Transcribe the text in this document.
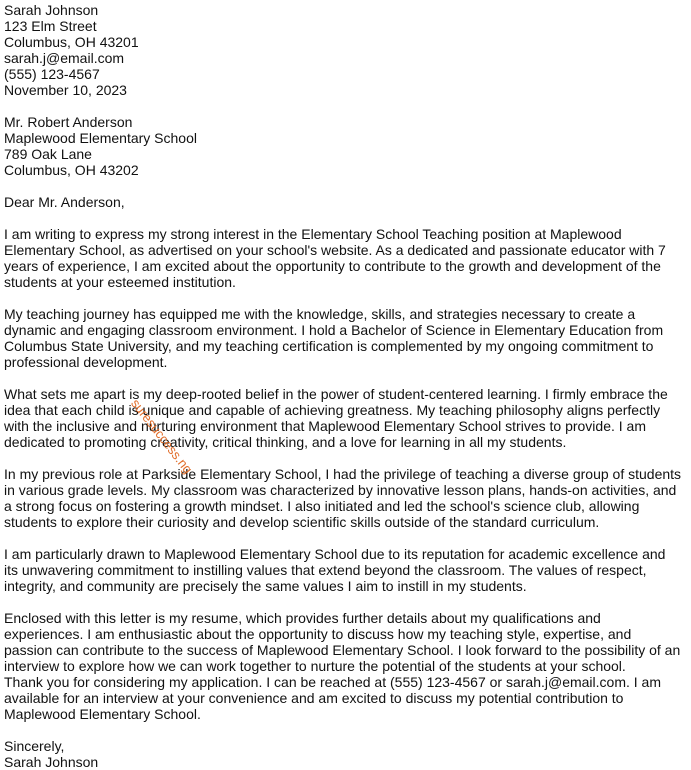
Sarah Johnson
123 Elm Street
Columbus, OH 43201
sarah.j@email.com
(555) 123-4567
November 10, 2023
Mr. Robert Anderson
Maplewood Elementary School
789 Oak Lane
Columbus, OH 43202
Dear Mr. Anderson,
I am writing to express my strong interest in the Elementary School Teaching position at Maplewood
Elementary School, as advertised on your school's website. As a dedicated and passionate educator with 7
years of experience, I am excited about the opportunity to contribute to the growth and development of the
students at your esteemed institution.
My teaching journey has equipped me with the knowledge, skills, and strategies necessary to create a
dynamic and engaging classroom environment. I hold a Bachelor of Science in Elementary Education from
Columbus State University, and my teaching certification is complemented by my ongoing commitment to
professional development.
What sets me apart is my deep-rooted belief in the power of student-centered learning. I firmly embrace the
idea that each child is unique and capable of achieving greatness. My teaching philosophy aligns perfectly
with the inclusive and nurturing environment that Maplewood Elementary School strives to provide. I am
dedicated to promoting creativity, critical thinking, and a love for learning in all my students.
In my previous role at Parkside Elementary School, I had the privilege of teaching a diverse group of students
in various grade levels. My classroom was characterized by innovative lesson plans, hands-on activities, and
a strong focus on fostering a growth mindset. I also initiated and led the school's science club, allowing
students to explore their curiosity and develop scientific skills outside of the standard curriculum.
I am particularly drawn to Maplewood Elementary School due to its reputation for academic excellence and
its unwavering commitment to instilling values that extend beyond the classroom. The values of respect,
integrity, and community are precisely the same values I aim to instill in my students.
Enclosed with this letter is my resume, which provides further details about my qualifications and
experiences. I am enthusiastic about the opportunity to discuss how my teaching style, expertise, and
passion can contribute to the success of Maplewood Elementary School. I look forward to the possibility of an
interview to explore how we can work together to nurture the potential of the students at your school.
Thank you for considering my application. I can be reached at (555) 123-4567 or sarah.j@email.com. I am
available for an interview at your convenience and am excited to discuss my potential contribution to
Maplewood Elementary School.
Sincerely,
Sarah Johnson
suresuccess.ng
